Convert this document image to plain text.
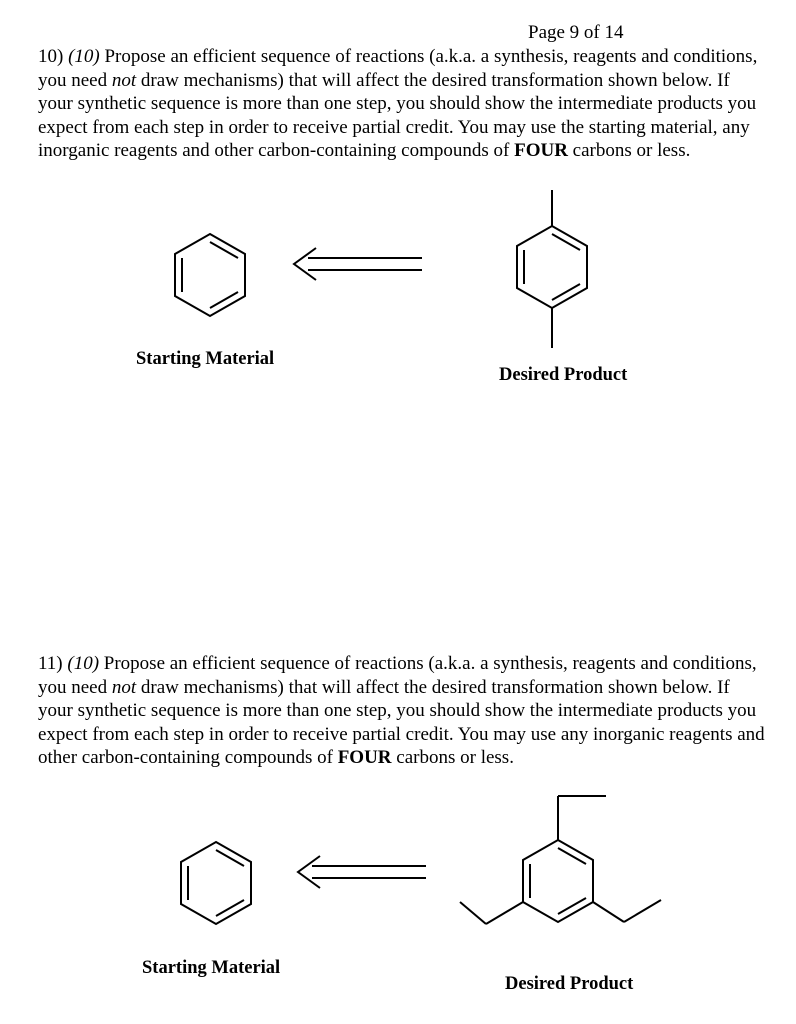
Page 9 of 14
10) (10) Propose an efficient sequence of reactions (a.k.a. a synthesis, reagents and conditions, you need not draw mechanisms) that will affect the desired transformation shown below. If your synthetic sequence is more than one step, you should show the intermediate products you expect from each step in order to receive partial credit. You may use the starting material, any inorganic reagents and other carbon-containing compounds of FOUR carbons or less.
Starting Material
Desired Product
11) (10) Propose an efficient sequence of reactions (a.k.a. a synthesis, reagents and conditions, you need not draw mechanisms) that will affect the desired transformation shown below. If your synthetic sequence is more than one step, you should show the intermediate products you expect from each step in order to receive partial credit. You may use any inorganic reagents and other carbon-containing compounds of FOUR carbons or less.
Starting Material
Desired Product
